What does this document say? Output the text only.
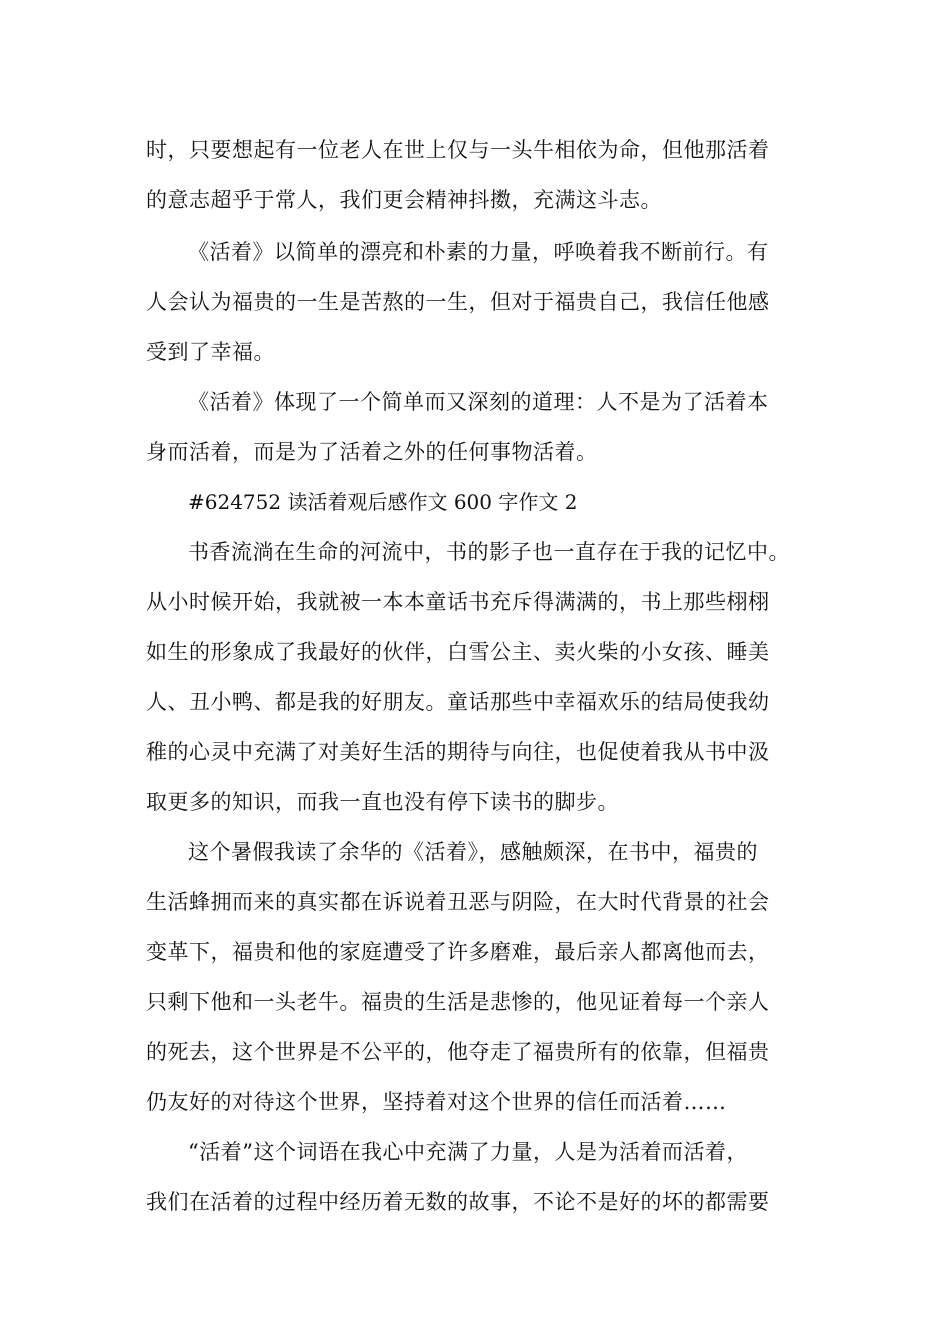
时，只要想起有一位老人在世上仅与一头牛相依为命，但他那活着
的意志超乎于常人，我们更会精神抖擞，充满这斗志。
《活着》以简单的漂亮和朴素的力量，呼唤着我不断前行。有
人会认为福贵的一生是苦熬的一生，但对于福贵自己，我信任他感
受到了幸福。
《活着》体现了一个简单而又深刻的道理：人不是为了活着本
身而活着，而是为了活着之外的任何事物活着。
#624752 读活着观后感作文 600 字作文 2
书香流淌在生命的河流中，书的影子也一直存在于我的记忆中。
从小时候开始，我就被一本本童话书充斥得满满的，书上那些栩栩
如生的形象成了我最好的伙伴，白雪公主、卖火柴的小女孩、睡美
人、丑小鸭、都是我的好朋友。童话那些中幸福欢乐的结局使我幼
稚的心灵中充满了对美好生活的期待与向往，也促使着我从书中汲
取更多的知识，而我一直也没有停下读书的脚步。
这个暑假我读了余华的《活着》，感触颇深，在书中，福贵的
生活蜂拥而来的真实都在诉说着丑恶与阴险，在大时代背景的社会
变革下，福贵和他的家庭遭受了许多磨难，最后亲人都离他而去，
只剩下他和一头老牛。福贵的生活是悲惨的，他见证着每一个亲人
的死去，这个世界是不公平的，他夺走了福贵所有的依靠，但福贵
仍友好的对待这个世界，坚持着对这个世界的信任而活着……
“活着”这个词语在我心中充满了力量，人是为活着而活着，
我们在活着的过程中经历着无数的故事，不论不是好的坏的都需要
